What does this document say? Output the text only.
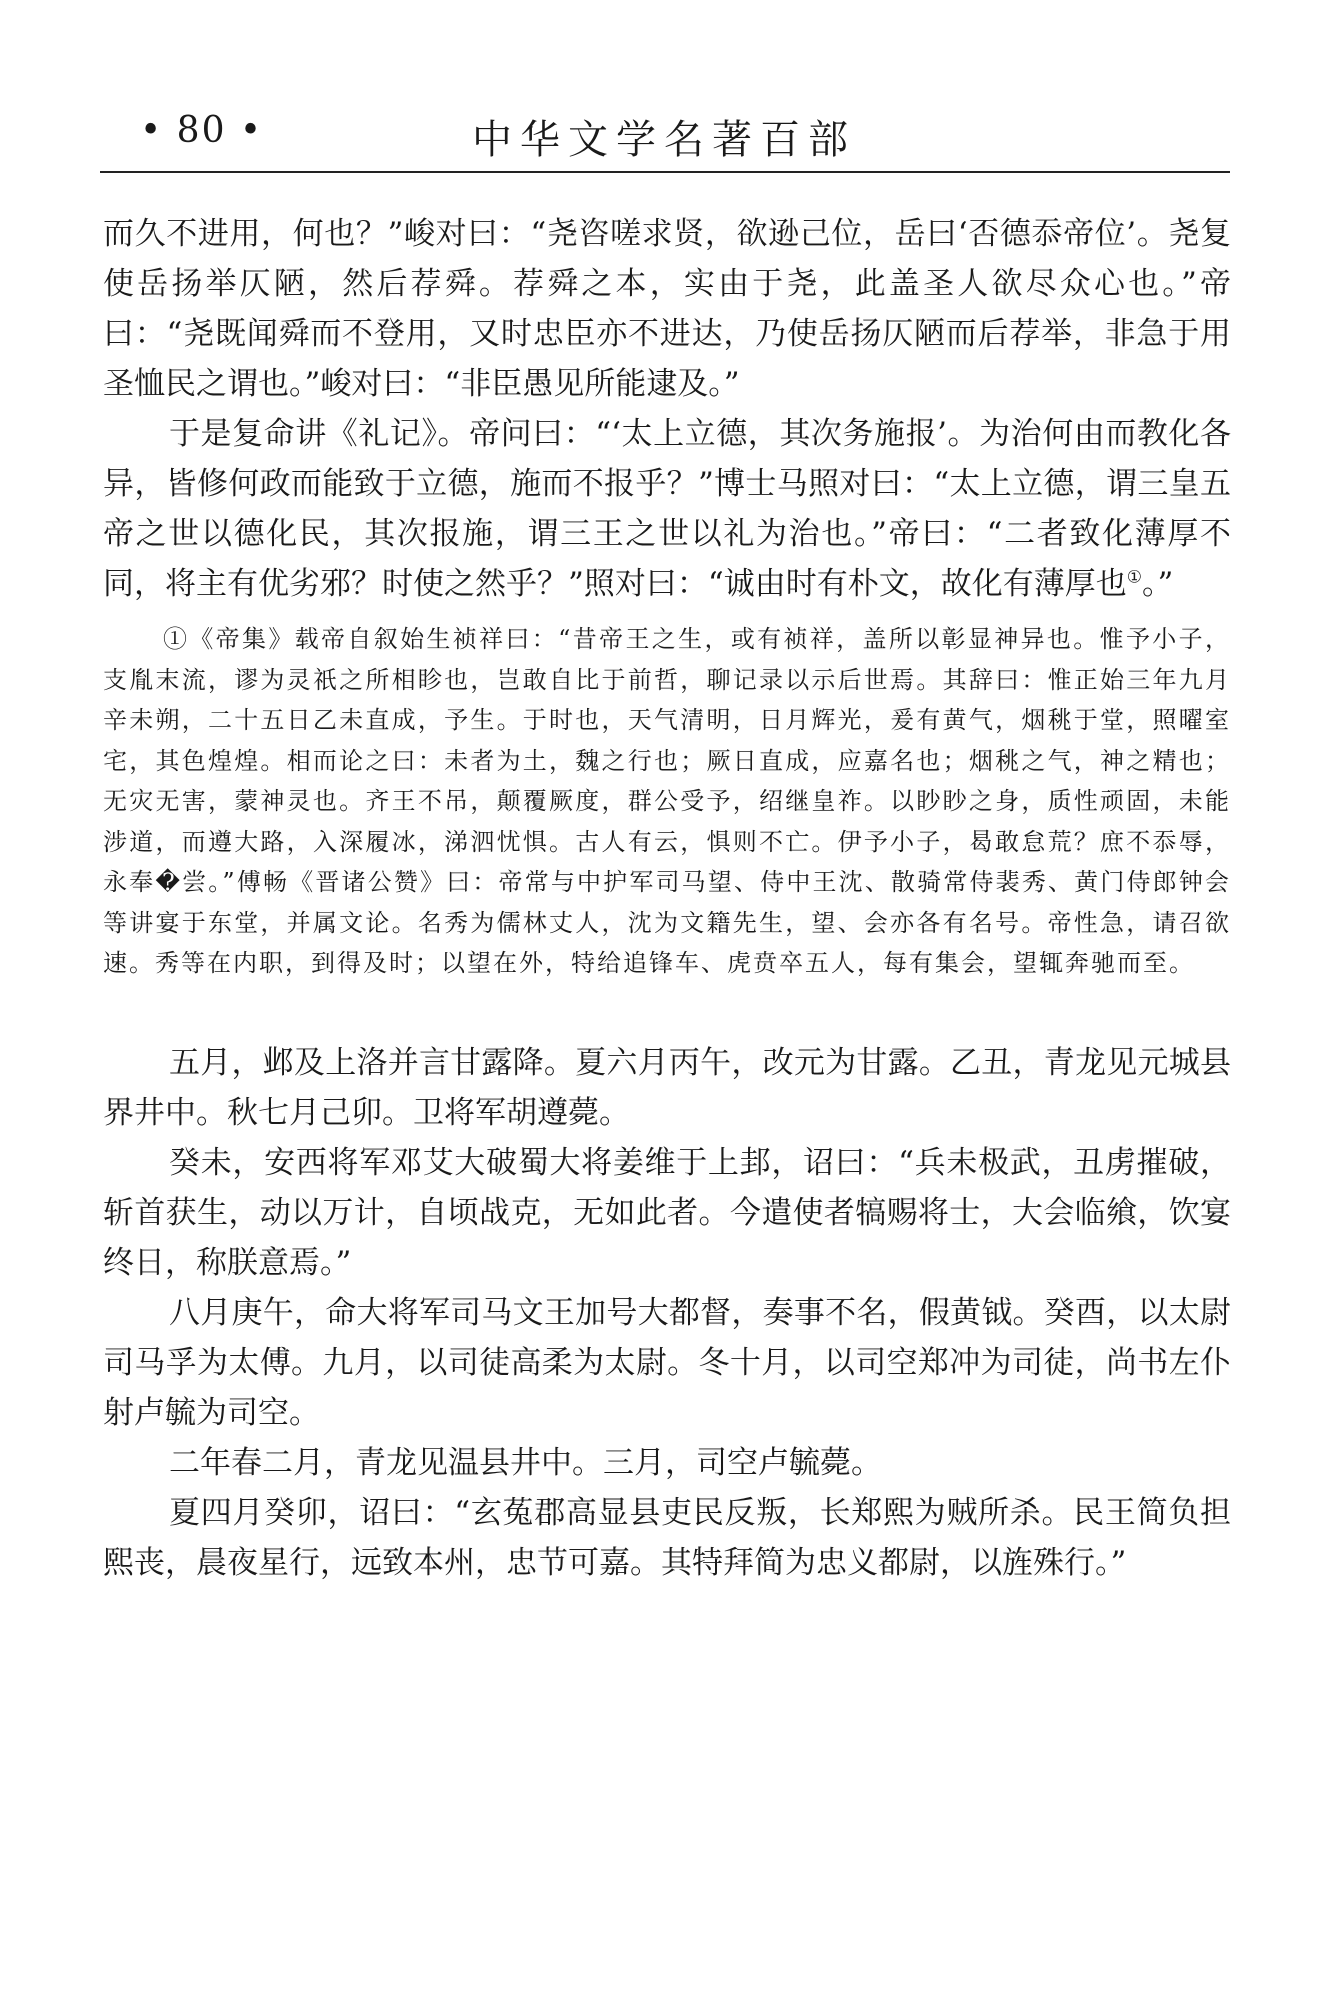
• 80 •	中华文学名著百部

而久不进用，何也？”峻对曰：“尧咨嗟求贤，欲逊己位，岳曰‘否德忝帝位’。尧复使岳扬举仄陋，然后荐舜。荐舜之本，实由于尧，此盖圣人欲尽众心也。”帝曰：“尧既闻舜而不登用，又时忠臣亦不进达，乃使岳扬仄陋而后荐举，非急于用圣恤民之谓也。”峻对曰：“非臣愚见所能逮及。”

于是复命讲《礼记》。帝问曰：“‘太上立德，其次务施报’。为治何由而教化各异，皆修何政而能致于立德，施而不报乎？”博士马照对曰：“太上立德，谓三皇五帝之世以德化民，其次报施，谓三王之世以礼为治也。”帝曰：“二者致化薄厚不同，将主有优劣邪？时使之然乎？”照对曰：“诚由时有朴文，故化有薄厚也①。”

①《帝集》载帝自叙始生祯祥曰：“昔帝王之生，或有祯祥，盖所以彰显神异也。惟予小子，支胤末流，谬为灵祇之所相眕也，岂敢自比于前哲，聊记录以示后世焉。其辞曰：惟正始三年九月辛未朔，二十五日乙未直成，予生。于时也，天气清明，日月辉光，爰有黄气，烟䄻于堂，照曜室宅，其色煌煌。相而论之曰：未者为土，魏之行也；厥日直成，应嘉名也；烟䄻之气，神之精也；无灾无害，蒙神灵也。齐王不吊，颠覆厥度，群公受予，绍继皇祚。以眇眇之身，质性顽固，未能涉道，而遵大路，入深履冰，涕泗忧惧。古人有云，惧则不亡。伊予小子，曷敢怠荒？庶不忝辱，永奉�尝。”傅畅《晋诸公赞》曰：帝常与中护军司马望、侍中王沈、散骑常侍裴秀、黄门侍郎钟会等讲宴于东堂，并属文论。名秀为儒林丈人，沈为文籍先生，望、会亦各有名号。帝性急，请召欲速。秀等在内职，到得及时；以望在外，特给追锋车、虎贲卒五人，每有集会，望辄奔驰而至。

五月，邺及上洛并言甘露降。夏六月丙午，改元为甘露。乙丑，青龙见元城县界井中。秋七月己卯。卫将军胡遵薨。

癸未，安西将军邓艾大破蜀大将姜维于上邽，诏曰：“兵未极武，丑虏摧破，斩首获生，动以万计，自顷战克，无如此者。今遣使者犒赐将士，大会临飨，饮宴终日，称朕意焉。”

八月庚午，命大将军司马文王加号大都督，奏事不名，假黄钺。癸酉，以太尉司马孚为太傅。九月，以司徒高柔为太尉。冬十月，以司空郑冲为司徒，尚书左仆射卢毓为司空。

二年春二月，青龙见温县井中。三月，司空卢毓薨。

夏四月癸卯，诏曰：“玄菟郡高显县吏民反叛，长郑熙为贼所杀。民王简负担熙丧，晨夜星行，远致本州，忠节可嘉。其特拜简为忠义都尉，以旌殊行。”
